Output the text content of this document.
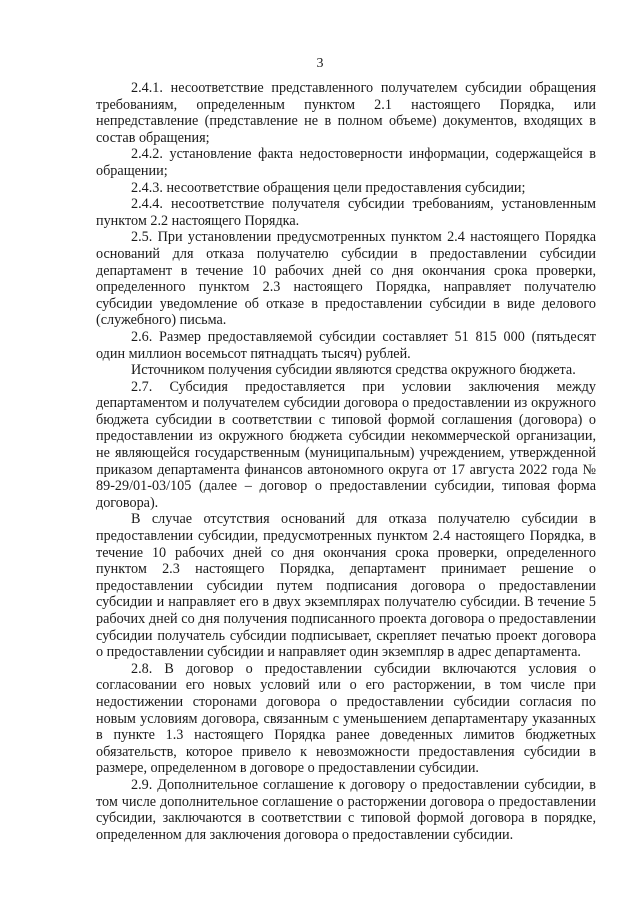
3

2.4.1. несоответствие представленного получателем субсидии обращения требованиям, определенным пунктом 2.1 настоящего Порядка, или непредставление (представление не в полном объеме) документов, входящих в состав обращения;

2.4.2. установление факта недостоверности информации, содержащейся в обращении;

2.4.3. несоответствие обращения цели предоставления субсидии;

2.4.4. несоответствие получателя субсидии требованиям, установленным пунктом 2.2 настоящего Порядка.

2.5. При установлении предусмотренных пунктом 2.4 настоящего Порядка оснований для отказа получателю субсидии в предоставлении субсидии департамент в течение 10 рабочих дней со дня окончания срока проверки, определенного пунктом 2.3 настоящего Порядка, направляет получателю субсидии уведомление об отказе в предоставлении субсидии в виде делового (служебного) письма.

2.6. Размер предоставляемой субсидии составляет 51 815 000 (пятьдесят один миллион восемьсот пятнадцать тысяч) рублей.

Источником получения субсидии являются средства окружного бюджета.

2.7. Субсидия предоставляется при условии заключения между департаментом и получателем субсидии договора о предоставлении из окружного бюджета субсидии в соответствии с типовой формой соглашения (договора) о предоставлении из окружного бюджета субсидии некоммерческой организации, не являющейся государственным (муниципальным) учреждением, утвержденной приказом департамента финансов автономного округа от 17 августа 2022 года № 89-29/01-03/105 (далее – договор о предоставлении субсидии, типовая форма договора).

В случае отсутствия оснований для отказа получателю субсидии в предоставлении субсидии, предусмотренных пунктом 2.4 настоящего Порядка, в течение 10 рабочих дней со дня окончания срока проверки, определенного пунктом 2.3 настоящего Порядка, департамент принимает решение о предоставлении субсидии путем подписания договора о предоставлении субсидии и направляет его в двух экземплярах получателю субсидии. В течение 5 рабочих дней со дня получения подписанного проекта договора о предоставлении субсидии получатель субсидии подписывает, скрепляет печатью проект договора о предоставлении субсидии и направляет один экземпляр в адрес департамента.

2.8. В договор о предоставлении субсидии включаются условия о согласовании его новых условий или о его расторжении, в том числе при недостижении сторонами договора о предоставлении субсидии согласия по новым условиям договора, связанным с уменьшением департаментару указанных в пункте 1.3 настоящего Порядка ранее доведенных лимитов бюджетных обязательств, которое привело к невозможности предоставления субсидии в размере, определенном в договоре о предоставлении субсидии.

2.9. Дополнительное соглашение к договору о предоставлении субсидии, в том числе дополнительное соглашение о расторжении договора о предоставлении субсидии, заключаются в соответствии с типовой формой договора в порядке, определенном для заключения договора о предоставлении субсидии.
